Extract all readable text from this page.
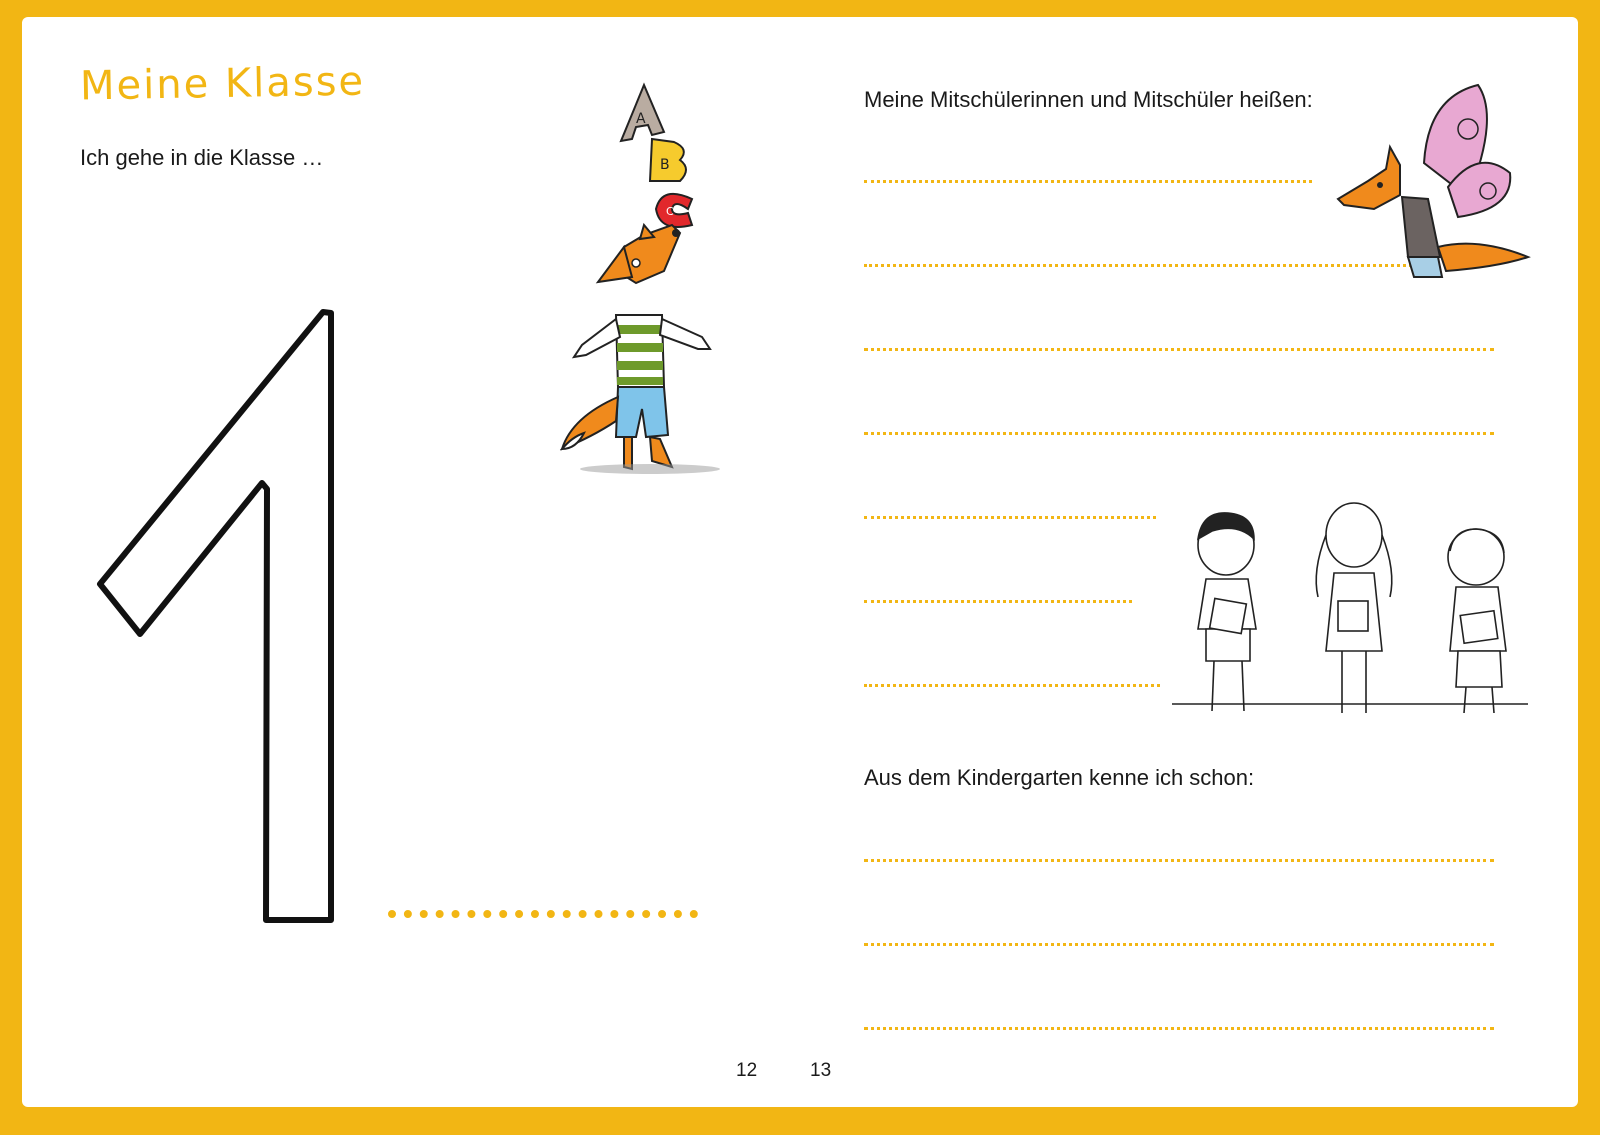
Meine Klasse
Ich gehe in die Klasse …
A
B
C
12
Meine Mitschülerinnen und Mitschüler heißen:
Aus dem Kindergarten kenne ich schon:
13
